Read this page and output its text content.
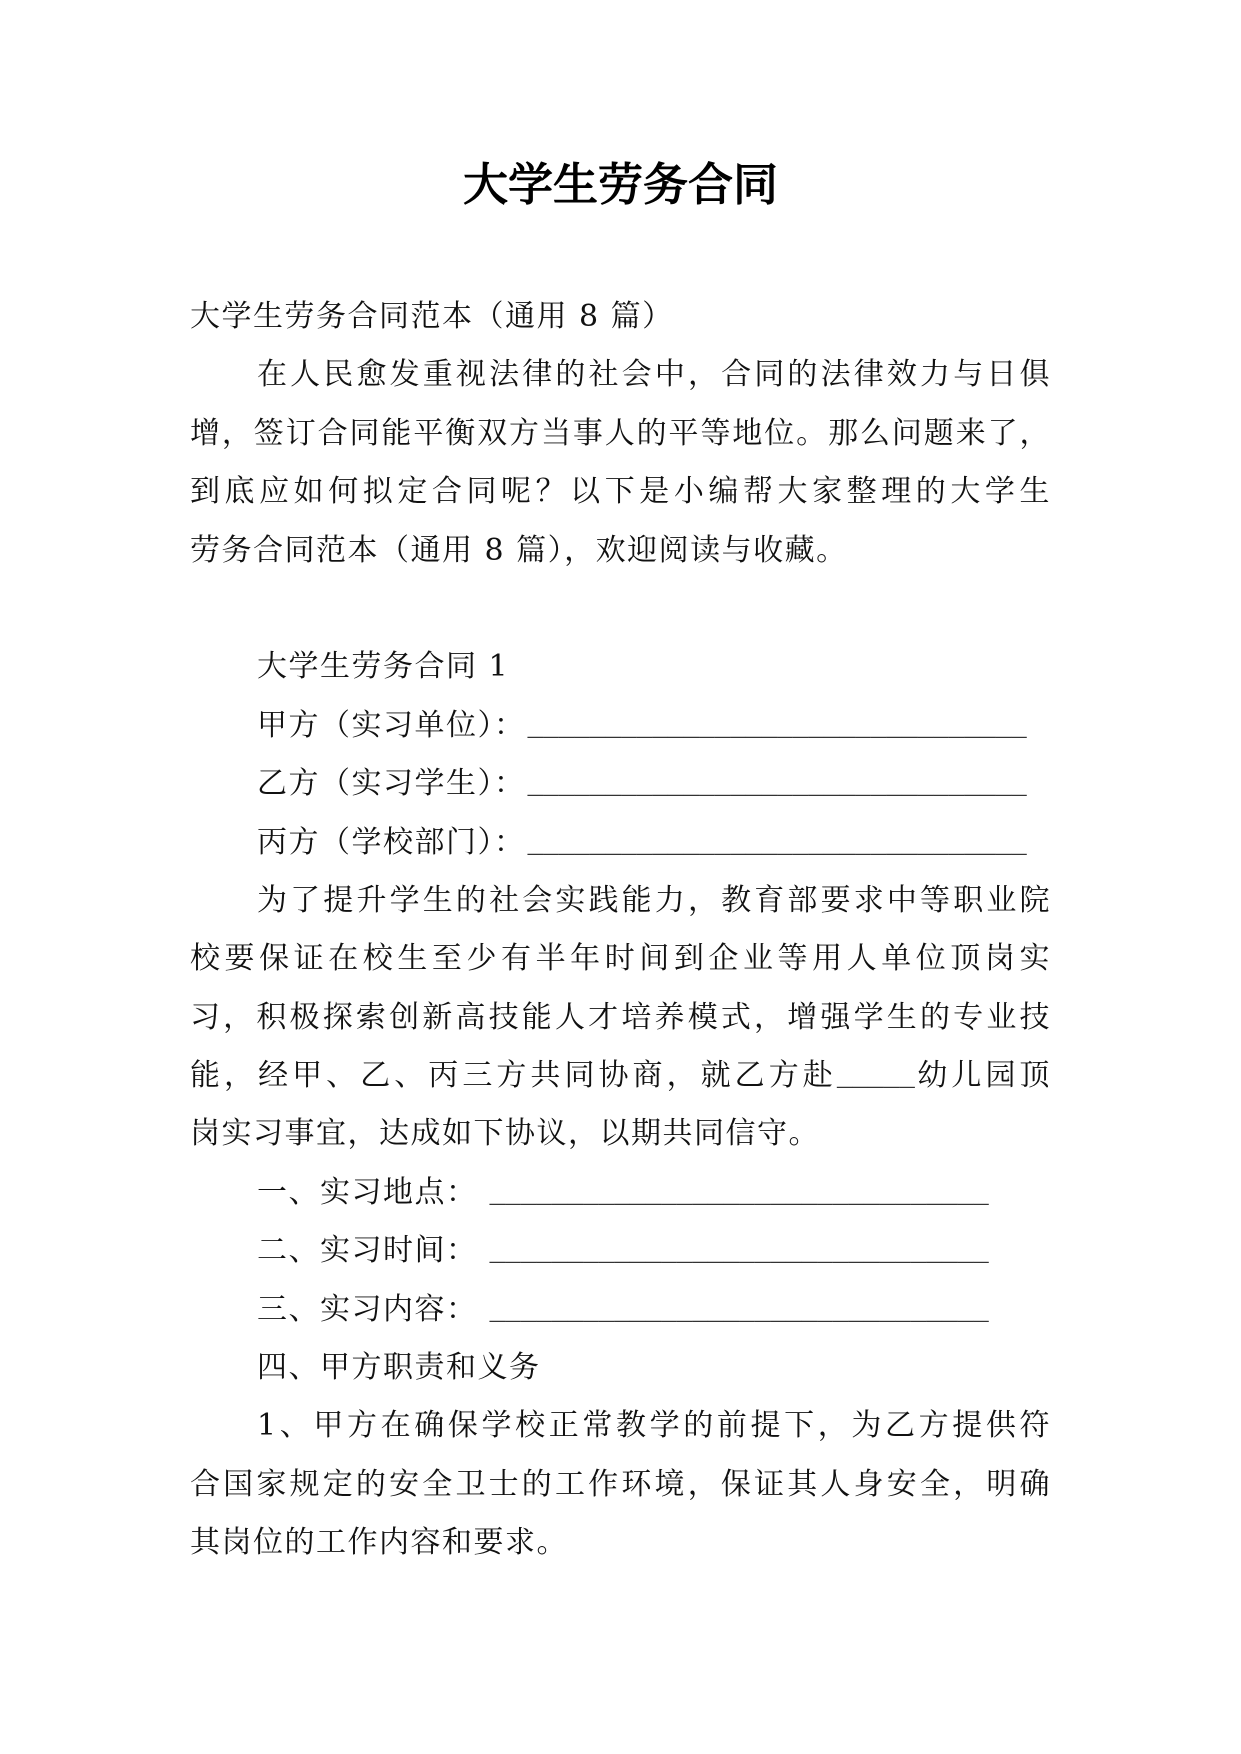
大学生劳务合同
大学生劳务合同范本（通用 8 篇）
在人民愈发重视法律的社会中，合同的法律效力与日俱
增，签订合同能平衡双方当事人的平等地位。那么问题来了，
到底应如何拟定合同呢？以下是小编帮大家整理的大学生
劳务合同范本（通用 8 篇），欢迎阅读与收藏。
大学生劳务合同 1
甲方（实习单位）：________________________________
乙方（实习学生）：________________________________
丙方（学校部门）：________________________________
为了提升学生的社会实践能力，教育部要求中等职业院
校要保证在校生至少有半年时间到企业等用人单位顶岗实
习，积极探索创新高技能人才培养模式，增强学生的专业技
能，经甲、乙、丙三方共同协商，就乙方赴_____幼儿园顶
岗实习事宜，达成如下协议，以期共同信守。
一、实习地点： ________________________________
二、实习时间： ________________________________
三、实习内容： ________________________________
四、甲方职责和义务
1、甲方在确保学校正常教学的前提下，为乙方提供符
合国家规定的安全卫士的工作环境，保证其人身安全，明确
其岗位的工作内容和要求。
